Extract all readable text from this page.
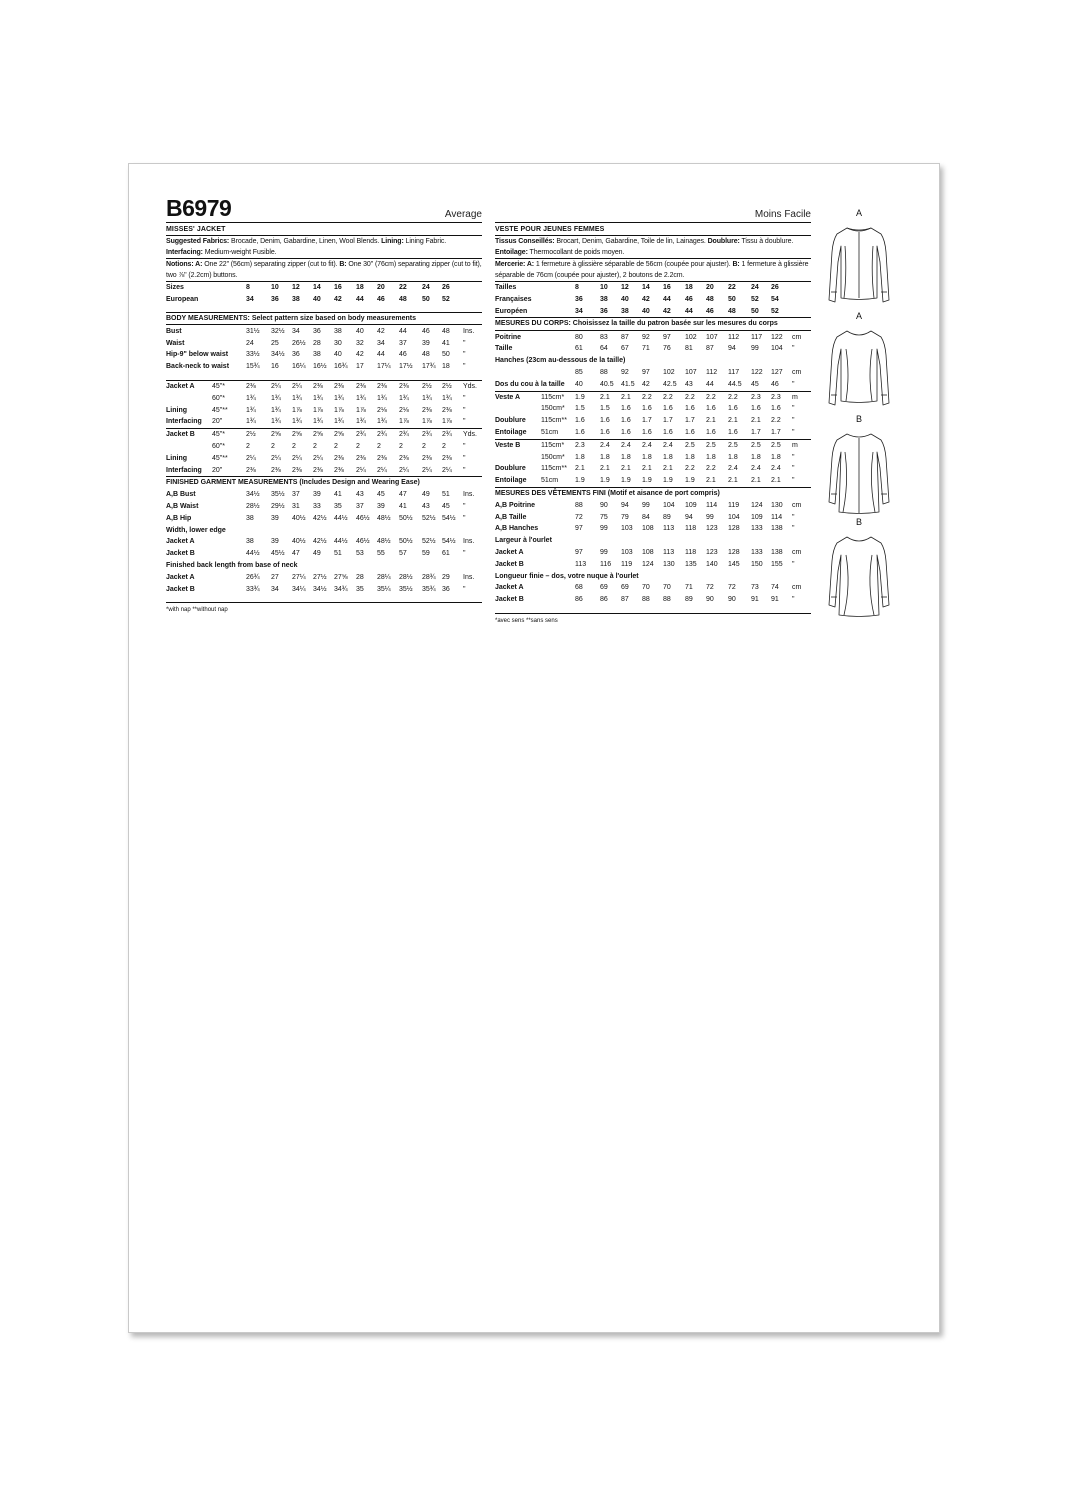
B6979	Average
MISSES' JACKET
Suggested Fabrics: Brocade, Denim, Gabardine, Linen, Wool Blends. Lining: Lining Fabric.
Interfacing: Medium-weight Fusible.
Notions: A: One 22" (56cm) separating zipper (cut to fit). B: One 30" (76cm) separating zipper (cut to fit), two ⅞" (2.2cm) buttons.
Sizes	8	10 12 14 16 18 20 22 24 26
European	34 36 38 40 42 44 46 48 50 52
BODY MEASUREMENTS: Select pattern size based on body measurements
Bust	31½ 32½ 34 36 38 40 42 44 46 48 Ins.
Waist	24 25 26½ 28 30 32 34 37 39 41 "
Hip-9" below waist	33½ 34½ 36 38 40 42 44 46 48 50 "
Back-neck to waist 15¾ 16 16¼ 16½ 16¾ 17 17¼ 17½ 17¾ 18 "
Jacket A 45"*	2⅜ 2¼ 2¼ 2⅜ 2⅜ 2⅜ 2⅜ 2⅜ 2½ 2½ Yds.
60"*	1¾ 1¾ 1¾ 1¾ 1¾ 1¾ 1¾ 1¾ 1¾ 1¾ "
Lining	45"**	1¾ 1¾ 1⅞ 1⅞ 1⅞ 1⅞ 2⅛ 2⅛ 2⅜ 2⅜ "
Interfacing 20"	1¾ 1¾ 1¾ 1¾ 1¾ 1¾ 1¾ 1⅞ 1⅞ 1⅞ "
Jacket B 45"*	2½ 2⅝ 2⅝ 2⅝ 2⅝ 2¾ 2¾ 2¾ 2¾ 2¾ Yds.
60"*	2	2 2 2 2	2 2	2	2 2 "
Lining	45"**	2¼ 2¼ 2¼ 2¼ 2⅜ 2⅜ 2⅜ 2⅜ 2⅜ 2⅜ "
Interfacing 20"	2⅜ 2⅜ 2⅜ 2⅜ 2⅜ 2¼ 2¼ 2¼ 2¼ 2¼ "
FINISHED GARMENT MEASUREMENTS (Includes Design and Wearing Ease)
A,B Bust	34½ 35½ 37 39 41 43 45 47 49 51 Ins.
A,B Waist	28½ 29½ 31 33 35 37 39 41 43 45 "
A,B Hip	38 39 40½ 42½ 44½ 46½ 48½ 50½ 52½ 54½ "
Width, lower edge
Jacket A	38 39 40½ 42½ 44½ 46½ 48½ 50½ 52½ 54½ Ins.
Jacket B	44½ 45½ 47 49 51 53 55 57 59 61 "
Finished back length from base of neck
Jacket A	26¾ 27 27¼ 27½ 27⅝ 28 28¼ 28½ 28¾ 29 Ins.
Jacket B	33¾ 34 34¼ 34½ 34¾ 35 35¼ 35½ 35¾ 36 "
*with nap **without nap
Moins Facile
VESTE POUR JEUNES FEMMES
Tissus Conseillés: Brocart, Denim, Gabardine, Toile de lin, Lainages. Doublure: Tissu à doublure.
Entoilage: Thermocollant de poids moyen.
Mercerie: A: 1 fermeture à glissière séparable de 56cm (coupée pour ajuster). B: 1 fermeture à glissière séparable de 76cm (coupée pour ajuster), 2 boutons de 2.2cm.
Tailles	8	10 12 14 16 18 20 22 24 26
Françaises	36 38 40 42 44 46 48 50 52 54
Européen	34 36 38 40 42 44 46 48 50 52
MESURES DU CORPS: Choisissez la taille du patron basée sur les mesures du corps
Poitrine	80 83 87 92 97 102 107 112 117 122 cm
Taille	61 64 67 71 76 81 87 94 99 104 "
Hanches (23cm au-dessous de la taille)
85 88 92 97 102 107 112 117 122 127 cm
Dos du cou à la taille 40 40.5 41.5 42 42.5 43 44 44.5 45 46 "
Veste A	115cm* 1.9 2.1 2.1 2.2 2.2 2.2 2.2 2.2 2.3 2.3 m
150cm* 1.5 1.5 1.6 1.6 1.6 1.6 1.6 1.6 1.6 1.6 "
Doublure 115cm** 1.6 1.6 1.6 1.7 1.7 1.7 2.1 2.1 2.1 2.2 "
Entoilage 51cm 1.6 1.6 1.6 1.6 1.6 1.6 1.6 1.6 1.7 1.7 "
Veste B	115cm* 2.3 2.4 2.4 2.4 2.4 2.5 2.5 2.5 2.5 2.5 m
150cm* 1.8 1.8 1.8 1.8 1.8 1.8 1.8 1.8 1.8 1.8 "
Doublure 115cm** 2.1 2.1 2.1 2.1 2.1 2.2 2.2 2.4 2.4 2.4 "
Entoilage 51cm 1.9 1.9 1.9 1.9 1.9 1.9 2.1 2.1 2.1 2.1 "
MESURES DES VÊTEMENTS FINI (Motif et aisance de port compris)
A,B Poitrine	88 90 94 99 104 109 114 119 124 130 cm
A,B Taille	72 75 79 84 89 94 99 104 109 114 "
A,B Hanches	97 99 103 108 113 118 123 128 133 138 "
Largeur à l'ourlet
Jacket A	97 99 103 108 113 118 123 128 133 138 cm
Jacket B	113 116 119 124 130 135 140 145 150 155 "
Longueur finie – dos, votre nuque à l'ourlet
Jacket A	68 69 69 70 70 71 72 72 73 74 cm
Jacket B	86 86 87 88 88 89 90 90 91 91 "
*avec sens **sans sens
A
A
B
B
